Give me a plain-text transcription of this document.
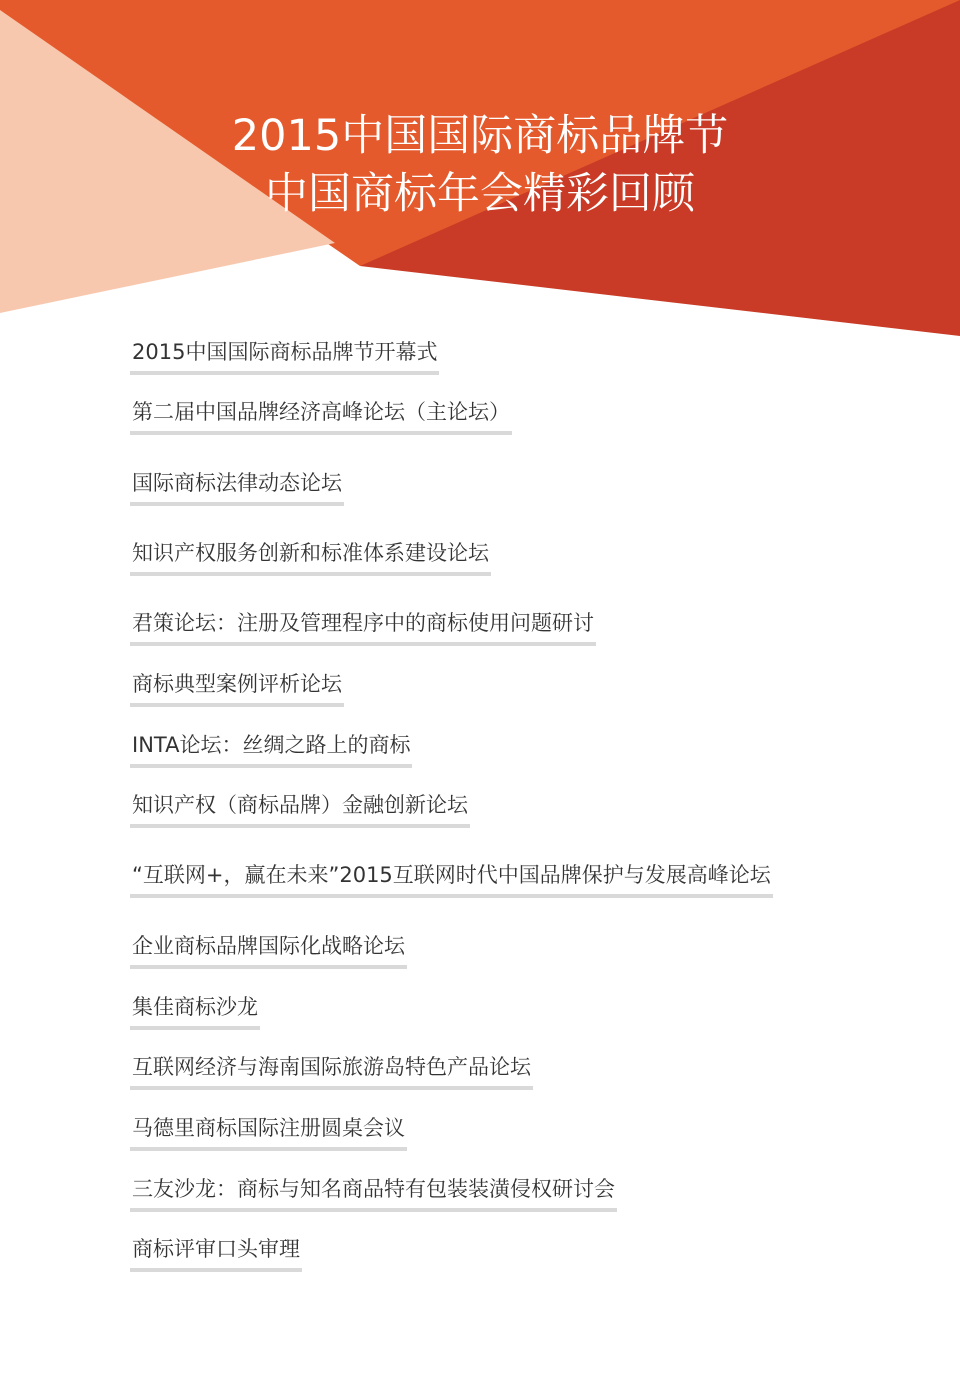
2015中国国际商标品牌节
中国商标年会精彩回顾
2015中国国际商标品牌节开幕式
第二届中国品牌经济高峰论坛（主论坛）
国际商标法律动态论坛
知识产权服务创新和标准体系建设论坛
君策论坛：注册及管理程序中的商标使用问题研讨
商标典型案例评析论坛
INTA论坛：丝绸之路上的商标
知识产权（商标品牌）金融创新论坛
“互联网+，赢在未来”2015互联网时代中国品牌保护与发展高峰论坛
企业商标品牌国际化战略论坛
集佳商标沙龙
互联网经济与海南国际旅游岛特色产品论坛
马德里商标国际注册圆桌会议
三友沙龙：商标与知名商品特有包装装潢侵权研讨会
商标评审口头审理
